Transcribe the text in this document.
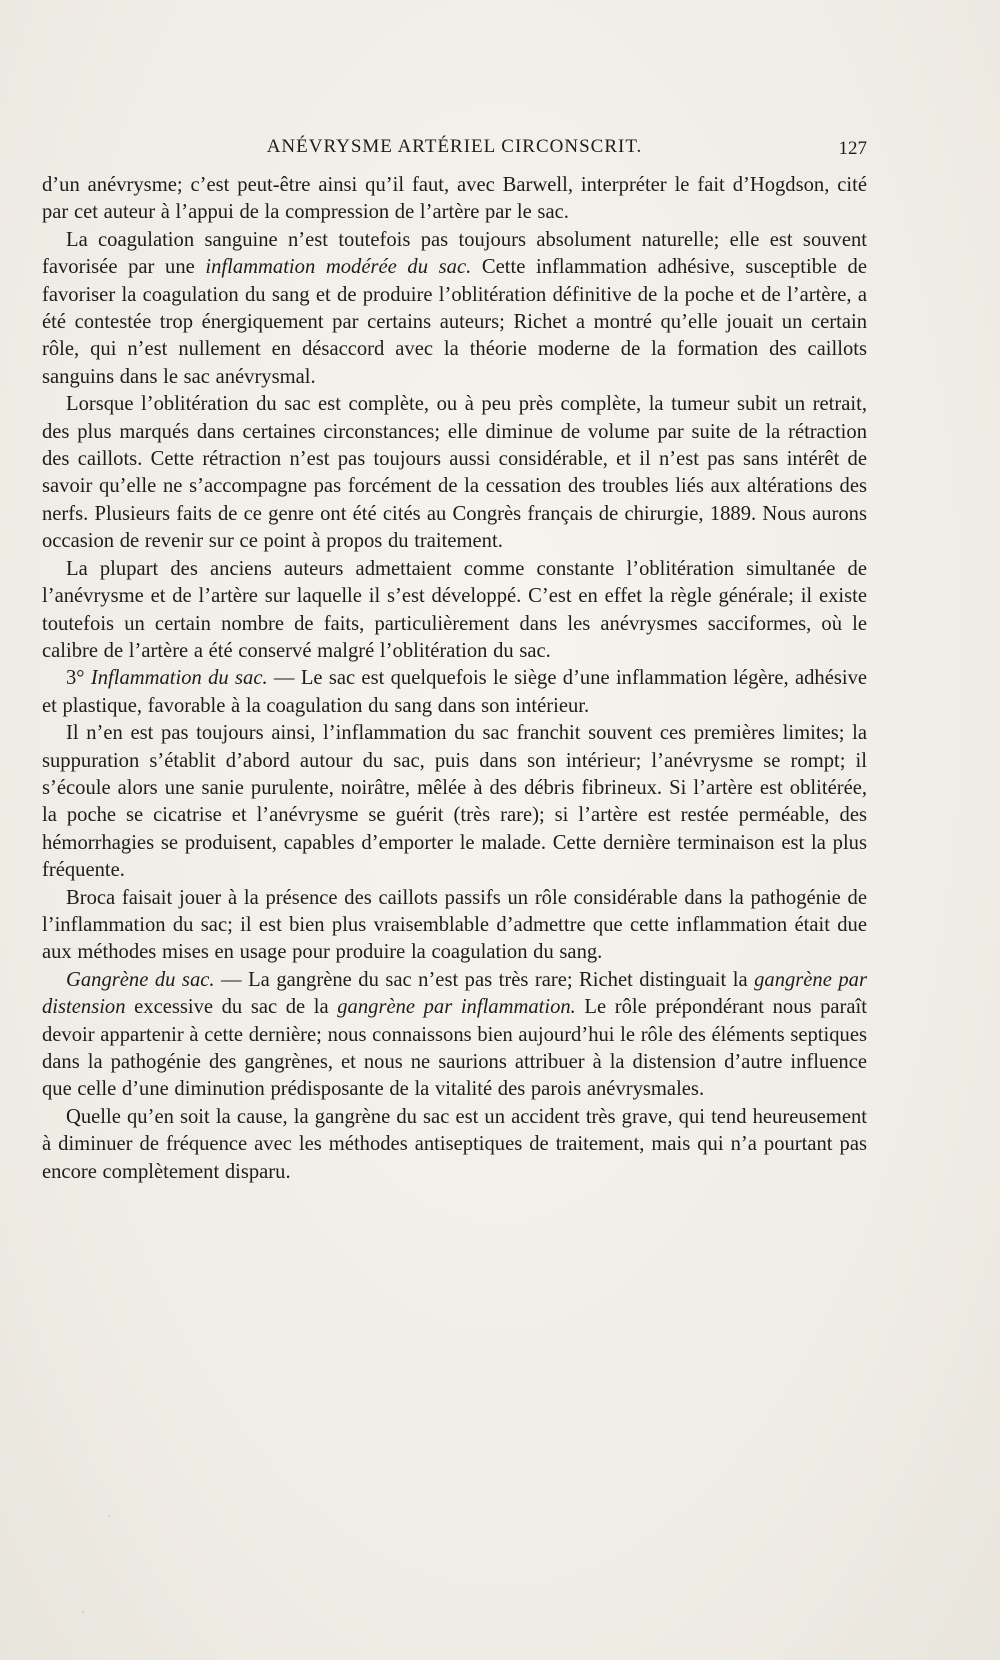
ANÉVRYSME ARTÉRIEL CIRCONSCRIT.	127

d’un anévrysme; c’est peut-être ainsi qu’il faut, avec Barwell, interpréter le fait d’Hogdson, cité par cet auteur à l’appui de la compression de l’artère par le sac.

La coagulation sanguine n’est toutefois pas toujours absolument naturelle; elle est souvent favorisée par une inflammation modérée du sac. Cette inflammation adhésive, susceptible de favoriser la coagulation du sang et de produire l’oblitération définitive de la poche et de l’artère, a été contestée trop énergiquement par certains auteurs; Richet a montré qu’elle jouait un certain rôle, qui n’est nullement en désaccord avec la théorie moderne de la formation des caillots sanguins dans le sac anévrysmal.

Lorsque l’oblitération du sac est complète, ou à peu près complète, la tumeur subit un retrait, des plus marqués dans certaines circonstances; elle diminue de volume par suite de la rétraction des caillots. Cette rétraction n’est pas toujours aussi considérable, et il n’est pas sans intérêt de savoir qu’elle ne s’accompagne pas forcément de la cessation des troubles liés aux altérations des nerfs. Plusieurs faits de ce genre ont été cités au Congrès français de chirurgie, 1889. Nous aurons occasion de revenir sur ce point à propos du traitement.

La plupart des anciens auteurs admettaient comme constante l’oblitération simultanée de l’anévrysme et de l’artère sur laquelle il s’est développé. C’est en effet la règle générale; il existe toutefois un certain nombre de faits, particulièrement dans les anévrysmes sacciformes, où le calibre de l’artère a été conservé malgré l’oblitération du sac.

3° Inflammation du sac. — Le sac est quelquefois le siège d’une inflammation légère, adhésive et plastique, favorable à la coagulation du sang dans son intérieur.

Il n’en est pas toujours ainsi, l’inflammation du sac franchit souvent ces premières limites; la suppuration s’établit d’abord autour du sac, puis dans son intérieur; l’anévrysme se rompt; il s’écoule alors une sanie purulente, noirâtre, mêlée à des débris fibrineux. Si l’artère est oblitérée, la poche se cicatrise et l’anévrysme se guérit (très rare); si l’artère est restée perméable, des hémorrhagies se produisent, capables d’emporter le malade. Cette dernière terminaison est la plus fréquente.

Broca faisait jouer à la présence des caillots passifs un rôle considérable dans la pathogénie de l’inflammation du sac; il est bien plus vraisemblable d’admettre que cette inflammation était due aux méthodes mises en usage pour produire la coagulation du sang.

Gangrène du sac. — La gangrène du sac n’est pas très rare; Richet distinguait la gangrène par distension excessive du sac de la gangrène par inflammation. Le rôle prépondérant nous paraît devoir appartenir à cette dernière; nous connaissons bien aujourd’hui le rôle des éléments septiques dans la pathogénie des gangrènes, et nous ne saurions attribuer à la distension d’autre influence que celle d’une diminution prédisposante de la vitalité des parois anévrysmales.

Quelle qu’en soit la cause, la gangrène du sac est un accident très grave, qui tend heureusement à diminuer de fréquence avec les méthodes antiseptiques de traitement, mais qui n’a pourtant pas encore complètement disparu.

·
·
